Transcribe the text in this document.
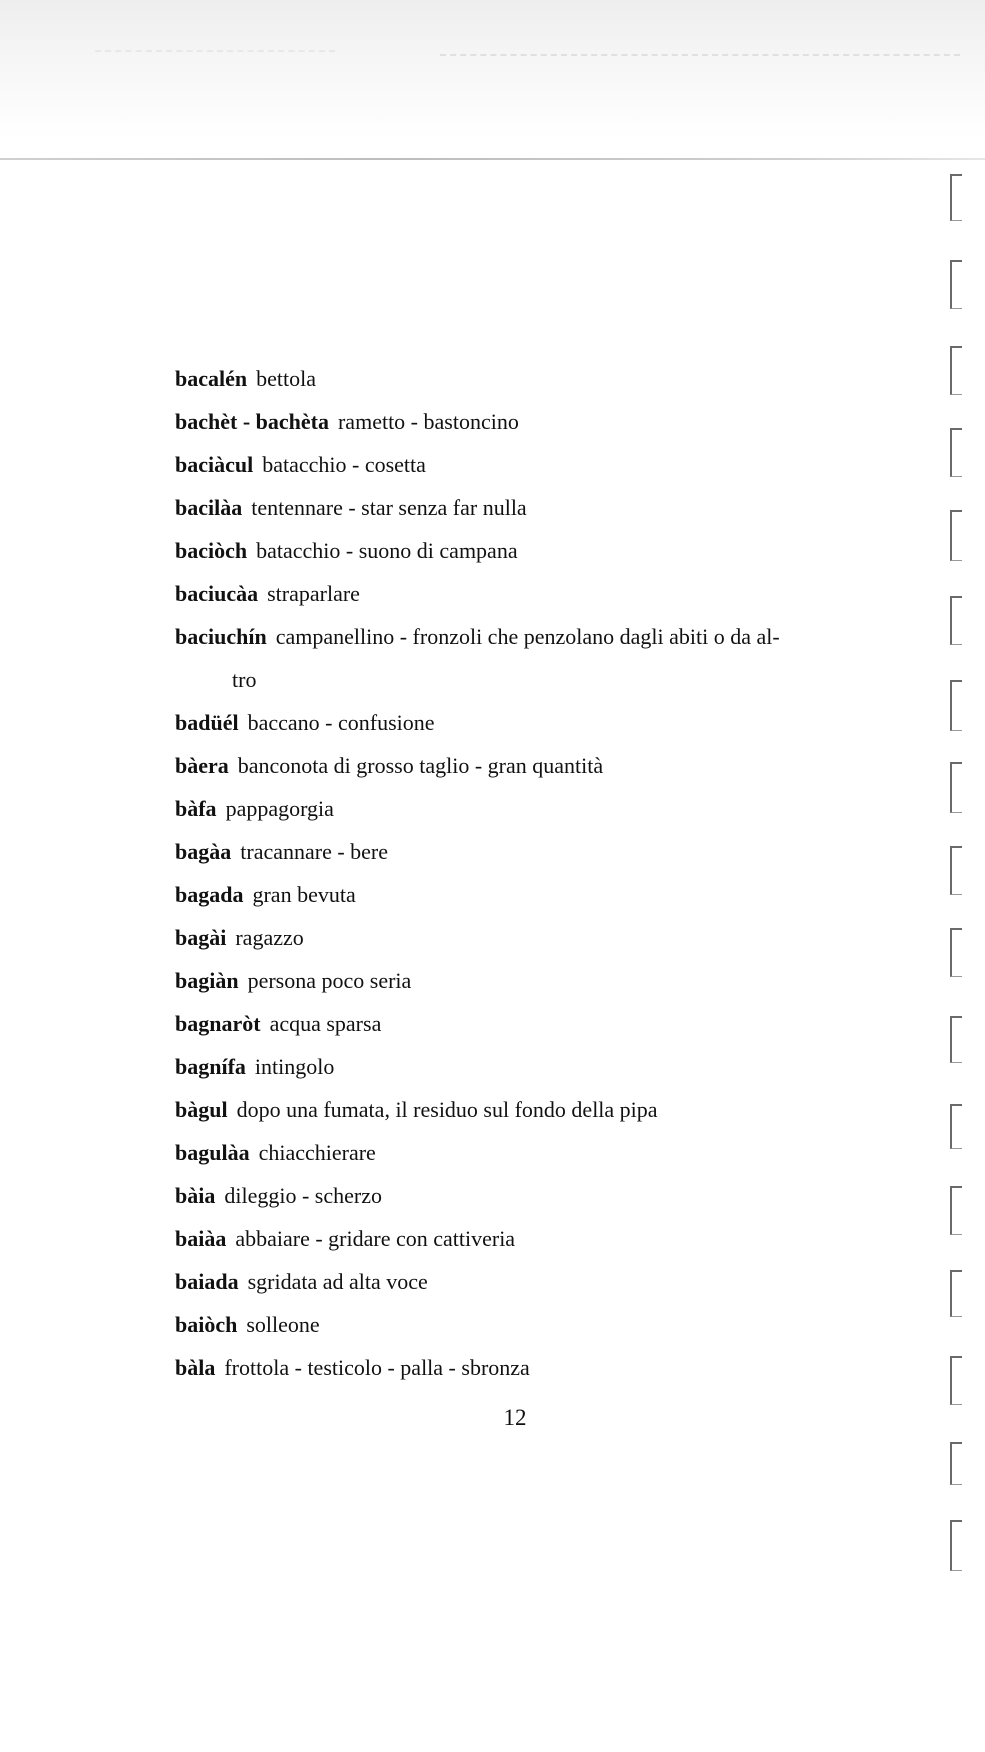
bacalén bettola
bachèt - bachèta rametto - bastoncino
baciàcul batacchio - cosetta
bacilàa tentennare - star senza far nulla
baciòch batacchio - suono di campana
baciucàa straparlare
baciuchín campanellino - fronzoli che penzolano dagli abiti o da al-
tro
badüél baccano - confusione
bàera banconota di grosso taglio - gran quantità
bàfa pappagorgia
bagàa tracannare - bere
bagada gran bevuta
bagài ragazzo
bagiàn persona poco seria
bagnaròt acqua sparsa
bagnífa intingolo
bàgul dopo una fumata, il residuo sul fondo della pipa
bagulàa chiacchierare
bàia dileggio - scherzo
baiàa abbaiare - gridare con cattiveria
baiada sgridata ad alta voce
baiòch solleone
bàla frottola - testicolo - palla - sbronza
12
